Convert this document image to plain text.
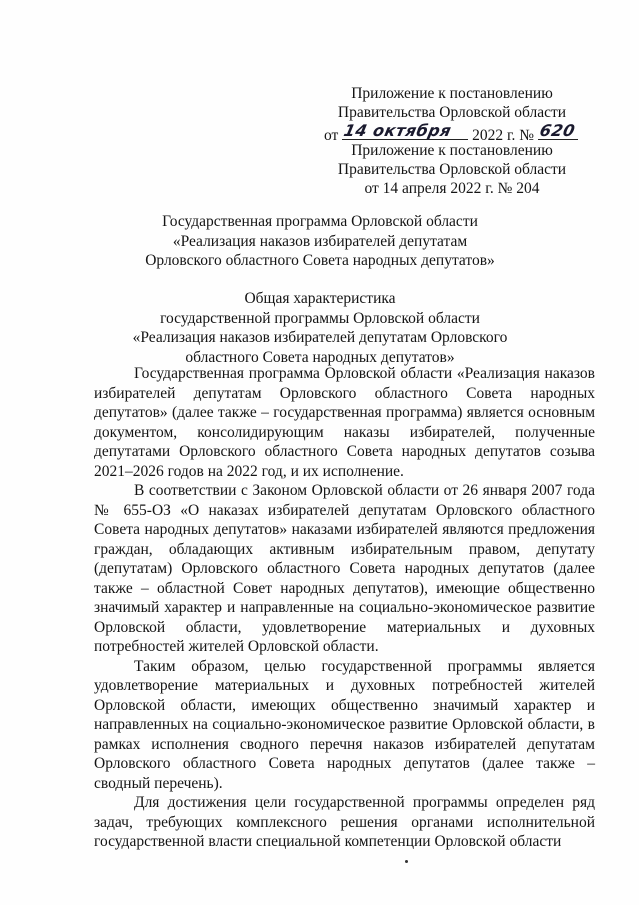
Приложение к постановлению
Правительства Орловской области
от 14 октября 2022 г. № 620
Приложение к постановлению
Правительства Орловской области
от 14 апреля 2022 г. № 204
Государственная программа Орловской области
«Реализация наказов избирателей депутатам
Орловского областного Совета народных депутатов»
Общая характеристика
государственной программы Орловской области
«Реализация наказов избирателей депутатам Орловского
областного Совета народных депутатов»

Государственная программа Орловской области «Реализация наказов избирателей депутатам Орловского областного Совета народных депутатов» (далее также – государственная программа) является основным документом, консолидирующим наказы избирателей, полученные депутатами Орловского областного Совета народных депутатов созыва 2021–2026 годов на 2022 год, и их исполнение.

В соответствии с Законом Орловской области от 26 января 2007 года № 655-ОЗ «О наказах избирателей депутатам Орловского областного Совета народных депутатов» наказами избирателей являются предложения граждан, обладающих активным избирательным правом, депутату (депутатам) Орловского областного Совета народных депутатов (далее также – областной Совет народных депутатов), имеющие общественно значимый характер и направленные на социально-экономическое развитие Орловской области, удовлетворение материальных и духовных потребностей жителей Орловской области.

Таким образом, целью государственной программы является удовлетворение материальных и духовных потребностей жителей Орловской области, имеющих общественно значимый характер и направленных на социально-экономическое развитие Орловской области, в рамках исполнения сводного перечня наказов избирателей депутатам Орловского областного Совета народных депутатов (далее также – сводный перечень).

Для достижения цели государственной программы определен ряд задач, требующих комплексного решения органами исполнительной государственной власти специальной компетенции Орловской области
